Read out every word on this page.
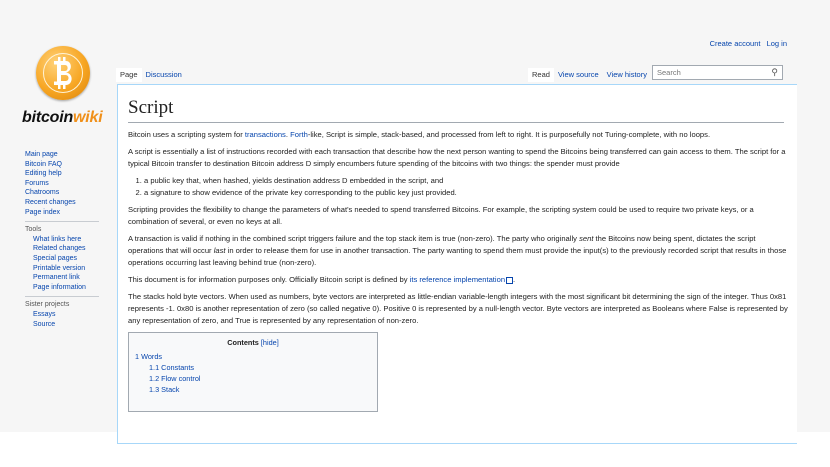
Create account Log in
bitcoinwiki
Main page
Bitcoin FAQ
Editing help
Forums
Chatrooms
Recent changes
Page index
Tools
What links here
Related changes
Special pages
Printable version
Permanent link
Page information
Sister projects
Essays
Source
Page	Discussion	Read	View source	View history	Search	⚲
Script

Bitcoin uses a scripting system for transactions. Forth-like, Script is simple, stack-based, and processed from left to right. It is purposefully not Turing-complete, with no loops.

A script is essentially a list of instructions recorded with each transaction that describe how the next person wanting to spend the Bitcoins being transferred can gain access to them. The script for a typical Bitcoin transfer to destination Bitcoin address D simply encumbers future spending of the bitcoins with two things: the spender must provide

1. a public key that, when hashed, yields destination address D embedded in the script, and
2. a signature to show evidence of the private key corresponding to the public key just provided.

Scripting provides the flexibility to change the parameters of what's needed to spend transferred Bitcoins. For example, the scripting system could be used to require two private keys, or a combination of several, or even no keys at all.

A transaction is valid if nothing in the combined script triggers failure and the top stack item is true (non-zero). The party who originally sent the Bitcoins now being spent, dictates the script operations that will occur last in order to release them for use in another transaction. The party wanting to spend them must provide the input(s) to the previously recorded script that results in those operations occurring last leaving behind true (non-zero).

This document is for information purposes only. Officially Bitcoin script is defined by its reference implementation .

The stacks hold byte vectors. When used as numbers, byte vectors are interpreted as little-endian variable-length integers with the most significant bit determining the sign of the integer. Thus 0x81 represents -1. 0x80 is another representation of zero (so called negative 0). Positive 0 is represented by a null-length vector. Byte vectors are interpreted as Booleans where False is represented by any representation of zero, and True is represented by any representation of non-zero.

Contents [hide]
1 Words
1.1 Constants
1.2 Flow control
1.3 Stack
